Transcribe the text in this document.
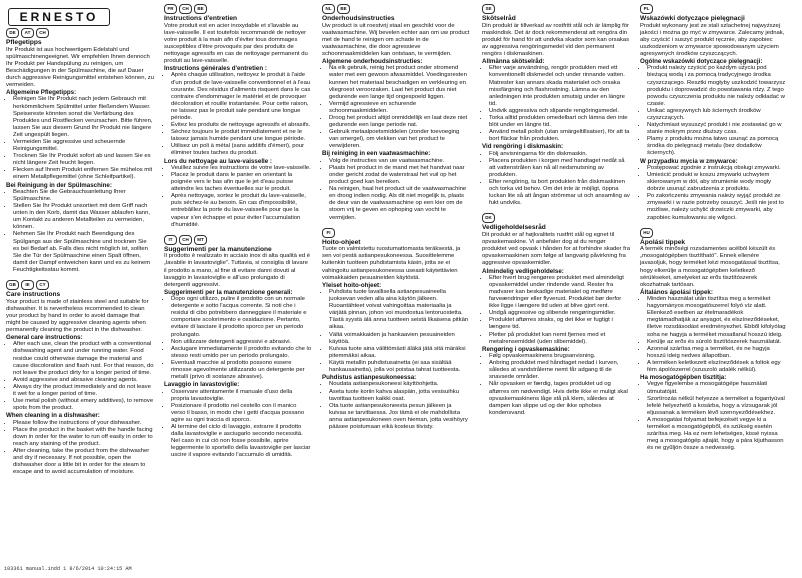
ERNESTO
DE	AT	CH
Pflegetipps

Ihr Produkt ist aus hochwertigem Edelstahl und spülmaschinengeeignet. Wir empfehlen Ihnen dennoch Ihr Produkt per Handspülung zu reinigen, um Beschädigungen in der Spülmaschine, die auf Dauer durch aggressive Reinigungsmittel entstehen können, zu vermeiden.

Allgemeine Pflegetipps:
• Reinigen Sie Ihr Produkt nach jedem Gebrauch mit herkömmlichem Spülmittel unter fließendem Wasser. Speisereste könnten sonst die Verfärbung des Produktes und Rostflecken verursachen. Bitte führen, lassen Sie aus diesem Grund Ihr Produkt nie längere Zeit ungespült liegen.
• Vermeiden Sie aggressive und scheuernde Reinigungsmittel.
• Trocknen Sie Ihr Produkt sofort ab und lassen Sie es nicht längere Zeit feucht liegen.
• Flecken auf Ihrem Produkt entfernen Sie mühelos mit einem Metallpflegemittel (ohne Schleifpartikel).
Bei Reinigung in der Spülmaschine:
• Beachten Sie die Gebrauchsanleitung Ihrer Spülmaschine.
• Stellen Sie Ihr Produkt unsortiert mit dem Griff nach unten in den Korb, damit das Wasser ablaufen kann, um Kontakt zu anderen Metallteilen zu vermeiden, können.
• Nehmen Sie Ihr Produkt nach Beendigung des Spülgangs aus der Spülmaschine und trocknen Sie es bei Bedarf ab. Falls dies nicht möglich ist, sollten Sie die Tür der Spülmaschine einen Spalt öffnen, damit der Dampf entweichen kann und es zu keinem Feuchtigkeitsstau kommt.
GB	IE	CY
Care instructions

Your product is made of stainless steel and suitable for dishwasher. It is nevertheless recommended to clean your product by hand in order to avoid damage that might be caused by aggressive cleaning agents when permanently cleaning the product in the dishwasher.

General care instructions:
• After each use, clean the product with a conventional dishwashing agent and under running water. Food residue could otherwise damage the material and cause discoloration and flash rust. For that reason, do not leave the product dirty for a longer period of time.
• Avoid aggressive and abrasive cleaning agents.
• Always dry the product immediately and do not leave it wet for a longer period of time.
• Use metal polish (without emery additives), to remove spots from the product.
When cleaning in a dishwasher:
• Please follow the instructions of your dishwasher.
• Place the product in the basket with the handle facing down in order for the water to run off easily in order to reach any staining of the product.
• After cleaning, take the product from the dishwasher and dry if necessary. If not possible, open the dishwasher door a little bit in order for the steam to escape and to avoid accumulation of moisture.
FR	CH	BE
Instructions d'entretien

Votre produit est en acier inoxydable et s'lavable au lave-vaisselle. Il est toutefois recommandé de nettoyer votre produit à la main afin d'éviter tous dommages susceptibles d'être provoqués par des produits de nettoyage agressifs en cas de nettoyage permanent du produit au lave-vaisselle.

Instructions générales d'entretien :
• Après chaque utilisation, nettoyez le produit à l'aide d'un produit de lave-vaisselle conventionnel et à l'eau courante. Des résidus d'aliments risquent dans le cas contraire d'endommager le matériel et de provoquer décoloration et rouille instantanée. Pour cette raison, ne laissez pas le produit sale pendant une longue période.
• Évitez les produits de nettoyage agressifs et abrasifs.
• Séchez toujours le produit immédiatement et ne le laissez jamais humide pendant une longue période.
• Utilisez un poli à métal (sans additifs d'émeri), pour éliminer toutes taches du produit.
Lors du nettoyage au lave-vaisselle :
• Veuillez suivre les instructions de votre lave-vaisselle.
• Placez le produit dans le panier en orientant la poignée vers le bas afin que le jet d'eau puisse atteindre les taches éventuelles sur le produit.
• Après nettoyage, sortez le produit du lave-vaisselle, puis séchez-le au besoin. En cas d'impossibilité, entrebâillez la porte du lave-vaisselle pour que la vapeur s'en échappe et pour éviter l'accumulation d'humidité.
IT	CH	MT
Suggerimenti per la manutenzione

Il prodotto è realizzato in acciaio inox di alta qualità ed è „lavabile in lavastoviglie". Tuttavia, si consiglia di lavare il prodotto a mano, al fine di evitare danni dovuti al lavaggio in lavastoviglie e all'uso prolungato di detergenti aggressivi.

Suggerimenti per la manutenzione generali:
• Dopo ogni utilizzo, pulire il prodotto con un normale detergente e sotto l'acqua corrente. Si noti che i residui di cibo potrebbero danneggiare il materiale e comportare scolorimento e ossidazione. Pertanto, evitare di lasciare il prodotto sporco per un periodo prolungato.
• Non utilizzare detergenti aggressivi e abrasivi.
• Asciugare immediatamente il prodotto evitando che lo stesso resti umido per un periodo prolungato.
• Eventuali macchie al prodotto possono essere rimosse agevolmente utilizzando un detergente per metalli (privo di sostanze abrasive).
Lavaggio in lavastoviglie:
• Osservare attentamente il manuale d'uso della propria lavastoviglie.
• Posizionare il prodotto nel cestello con il manico verso il basso, in modo che i getti d'acqua possano agire su ogni traccia di sporco.
• Al termine del ciclo di lavaggio, estrarre il prodotto dalla lavastoviglie e asciugarlo secondo necessità. Nel caso in cui ciò non fosse possibile, aprire leggermente lo sportello della lavastoviglie per lasciar uscire il vapore evitando l'accumulo di umidità.
NL	BE
Onderhoudsinstructies

Uw product is uit roestvrij staal en geschikt voor de vaatwasmachine. Wij bevelen echter aan om uw product met de hand te reinigen om schade in de vaatwasmachine, die door agressieve schoonmaakmiddelen kan ontstaan, te vermijden.

Algemene onderhoudsinstructies:
• Na elk gebruik, reinig het product onder stromend water met een gewoon afwasmiddel. Voedingsresten kunnen het materiaal beschadigen en verkleuring en vliegroest veroorzaken. Laat het product dus niet gedurende een lange tijd ongespoeld liggen.
• Vermijd agressieve en schurende schoonmaakmiddelen.
• Droog het product altijd onmiddellijk en laat deze niet gedurende een lange periode nat.
• Gebruik metaalpoetsmiddelen (zonder toevoeging van smergel), om vlekken van het product te verwijderen.
Bij reiniging in een vaatwasmachine:
• Volg de instructies van uw vaatwasmachine.
• Plaats het product in de mand met het handvat naar onder gericht zodat de waterstraal het vuil op het product goed kan bereiken.
• Na reinigen, haal het product uit de vaatwasmachine en droog indien nodig. Als dit niet mogelijk is, plaats de deur van de vaatwasmachine op een kier om de stoom vrij te geven en ophoping van vocht te vermijden.
FI
Hoito-ohjeet

Tuote on valmistettu ruostumattomasta teräksestä, ja sen voi pestä astianpesukoneessa. Suosittelemme kuitenkin tuotteen puhdistamista käsin, jotta se ei vahingoitu astianpesukoneessa useasti käytettävien voimakkaiden pesuaineiden käytöstä.

Yleiset hoito-ohjeet:
• Puhdista tuote tavallisella astianpesuaineella juoksevan veden alla aina käytön jälkeen. Ruoantähteet voivat vahingoittaa materiaalia ja värjätä pinnan, johon voi muodostua lentoruostetta. Tästä syystä älä anna tuotteen seistä likaisena pitkän aikaa.
• Vältä voimakkaiden ja hankaavien pesuaineiden käyttöä.
• Kuivaa tuote aina välittömästi äläkä jätä sitä märäksi pitemmäksi aikaa.
• Käytä metallin puhdistusainetta (ei saa sisältää hankausainetta), jolla voi poistaa tahrat tuotteesta.
Puhdistus astianpesukoneessa:
• Noudata astianpesukoneesi käyttöohjetta.
• Aseta tuote koriin kahva alaspäin, jotta vesisuihku tavoittaa tuotteen kaikki osat.
• Ota tuote astianpesukoneesta pesun jälkeen ja kuivaa se tarvittaessa. Jos tämä ei ole mahdollista anna astianpesukoneen oven hieman, jotta vesihöyry pääsee poistumaan eikä kosteus tiivisty.
SE
Skötselråd

Din produkt är tillverkad av rostfritt stål och är lämplig för maskindisk. Det är dock rekommenderat att rengöra din produkt för hand för att undvika skador som kan orsakas av aggressiva rengöringsmedel vid den permanent rengörs i diskmaskinen.

Allmänna skötselråd:
• Efter varje användning, rengör produkten med ett konventionellt diskmedel och under rinnande vatten. Matrester kan annars skada materialet och orsaka missfärgning och flashrostning. Lämna av den anledningen inte produkten smutsig under en längre tid.
• Undvik aggressiva och slipande rengöringsmedel.
• Torka alltid produkten omedelbart och lämna den inte blöt under en längre tid.
• Använd metall polish (utan smärgeltillsatser), för att ta bort fläckar från produkten.
Vid rengöring i diskmaskin:
• Följ anvisningarna för din diskmaskin.
• Placera produkten i korgen med handtaget nedåt så att vattenstrålen kan nå all nedsmutsning av produkten.
• Efter rengöring, ta bort produkten från diskmaskinen och torka vid behov. Om det inte är möjligt, öppna luckan lite så att ångan strömmar ut och ansamling av fukt undviks.
DK
Vedligeholdelsesråd

Dit produkt er af højkvalitets rustfrit stål og egnet til opvaskemaskine. Vi anbefaler dog at du rengør produktet ved opvask i hånden for at forhindre skader fra opvaskemaskinen som følge af langvarig påvirkning fra aggressive opvaskemidler.

Almindelig vedligeholdelse:
• Efter hvert brug rengøres produktet med almindeligt opvaskemiddel under rindende vand. Rester fra madvarer kan beskadige materialet og medføre farveændringer eller flyverust. Produktet bør derfor ikke ligge i længere tid uden at blive gjort rent.
• Undgå aggressive og slibende rengøringsmidler.
• Produktet aftørres straks, og det ikke er fugtigt i længere tid.
• Pletter på produktet kan nemt fjernes med et metalrensemiddel (uden slibemiddel).
Rengøring i opvaskemaskine:
• Følg opvaskemaskinens brugsanvisning.
• Anbring produktet med håndtaget nedad i kurven, således at vandstrålerne nemt får adgang til de snavsede områder.
• Når opvasken er færdig, tages produktet ud og aftørres om nødvendigt. Hvis dette ikke er muligt skal opvaskemaskinens låge stå på klem, således at dampen kan slippe ud og der ikke ophobes kondensvand.
PL
Wskazówki dotyczące pielęgnacji

Produkt wykonany jest ze stali szlachetnej najwyższej jakości i można go myć w zmywarce. Zalecamy jednak, aby czyścić i suszyć produkt ręcznie, aby zapobiec uszkodzeniom w zmywarce spowodowanym użyciem agresywnych środków czyszczących.

Ogólne wskazówki dotyczące pielęgnacji:
• Produkt należy czyścić po każdym użyciu pod bieżącą wodą i za pomocą tradycyjnego środka czyszczącego. Resztki mogłyby uszkodzić towarzysz produktu i doprowadzić do powstawania rdzy. Z tego powodu czyszczenia produktu nie należy odkładać w czasie.
• Unikać agresywnych lub ściernych środków czyszczących.
• Natychmiast wysuszyć produkt i nie zostawiać go w stanie mokrym przez dłuższy czas.
• Plamy z produktu można łatwo usunąć za pomocą środka do pielęgnacji metalu (bez dodatków ściernych).
W przypadku mycia w zmywarce:
• Postępować zgodnie z instrukcją obsługi zmywarki.
• Umieścić produkt w koszu zmywarki uchwytem skierowanym w dół, aby strumienie wody mogły dobrze usunąć zabrudzenia z produktu.
• Po zakończeniu zmywania należy wyjąć produkt ze zmywarki i w razie potrzeby osuszyć. Jeśli nie jest to możliwe, należy uchylić drzwiczki zmywarki, aby zapobiec kumulowaniu się wilgoci.
HU
Ápolási tippek

A termék minőségi rozsdamentes acélból készült és „mosogatógépben tisztítható". Ennek ellenére javasoljuk, hogy terméket kézi mosogatással tisztítsa, hogy elkerülje a mosogatógépben keletkező sérüléseket, amelyeket az erős tisztítószerek okozhatnak tartósan.

Általános ápolási tippek:
• Minden használat után tisztítsa meg a terméket hagyományos mosogatószerrel folyó víz alatt. Ellenkező esetben az ételmaradékok megtámadhatják az anyagot, és elszíneződéseket, illetve rozsdásodást eredményezhet. Ebből kifolyólag soha ne hagyja a terméket mosatlanul hosszú ideig.
• Kerülje az erős és súroló tisztítószerek használatát.
• Azonnal szárítsa meg a terméket, és ne hagyja hosszú ideig nedves állapotban.
• A terméken keletkezett elszíneződések a foltok egy fém ápolószerrel (szuszoló adalék nélkül).
Ha mosogatógépben tisztítja:
• Vegye figyelembe a mosogatógépe használati útmutatóját.
• Szortírozás nélkül helyezze a terméket a fogantyúval lefelé helyezhető a kosárba, hogy a vízsugarak jól eljussanak a terméken lévő szennyeződésekhez.
• A mosogatási folyamat befejezését vegye ki a terméket a mosogatógépből, és szükség esetén szárítsa meg. Ha ez nem lehetséges, kissé nyissa meg a mosogatógép ajtaját, hogy a pára kijuthasson és ne gyűljön össze a nedvesség.
103361 manual.indd 1 8/6/2014 10:24:15 AM
